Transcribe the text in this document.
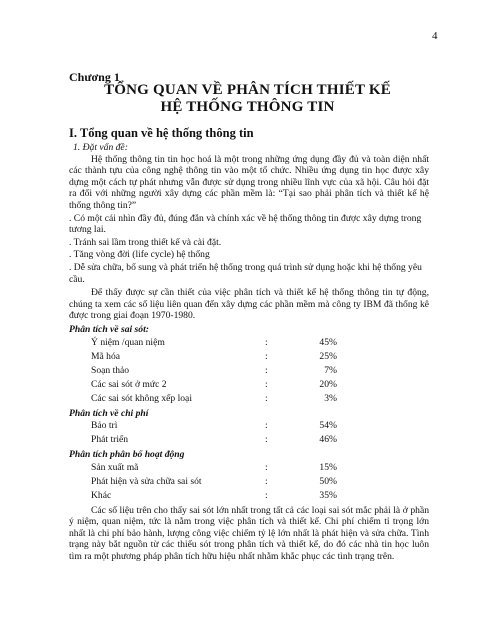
4
Chương 1
TỔNG QUAN VỀ PHÂN TÍCH THIẾT KẾ
HỆ THỐNG THÔNG TIN
I. Tổng quan về hệ thống thông tin

1. Đặt vấn đề:

Hệ thống thông tin tin học hoá là một trong những ứng dụng đầy đủ và toàn diện nhất các thành tựu của công nghệ thông tin vào một tổ chức. Nhiều ứng dụng tin học được xây dựng một cách tự phát nhưng vẫn được sử dụng trong nhiều lĩnh vực của xã hội. Câu hỏi đặt ra đối với những người xây dựng các phần mềm là: “Tại sao phải phân tích và thiết kế hệ thống thông tin?”

. Có một cái nhìn đầy đủ, đúng đắn và chính xác về hệ thống thông tin được xây dựng trong tương lai.

. Tránh sai lầm trong thiết kế và cài đặt.

. Tăng vòng đời (life cycle) hệ thống

. Dễ sửa chữa, bổ sung và phát triển hệ thống trong quá trình sử dụng hoặc khi hệ thống yêu cầu.

Để thấy được sự cần thiết của việc phân tích và thiết kế hệ thống thông tin tự động, chúng ta xem các số liệu liên quan đến xây dựng các phần mềm mà công ty IBM đã thống kê được trong giai đoạn 1970-1980.

Phân tích về sai sót:

Ý niệm /quan niệm	:	45%
Mã hóa	:	25%
Soạn thảo	:	7%
Các sai sót ở mức 2	:	20%
Các sai sót không xếp loại	:	3%

Phân tích về chi phí

Bảo trì	:	54%
Phát triển	:	46%

Phân tích phân bổ hoạt động

Sản xuất mã	:	15%
Phát hiện và sửa chữa sai sót	:	50%
Khác	:	35%

Các số liệu trên cho thấy sai sót lớn nhất trong tất cả các loại sai sót mắc phải là ở phần ý niệm, quan niệm, tức là nằm trong việc phân tích và thiết kế. Chi phí chiếm tỉ trọng lớn nhất là chi phí bảo hành, lượng công việc chiếm tỷ lệ lớn nhất là phát hiện và sửa chữa. Tình trạng này bắt nguồn từ các thiếu sót trong phân tích và thiết kế, do đó các nhà tin học luôn tìm ra một phương pháp phân tích hữu hiệu nhất nhằm khắc phục các tình trạng trên.
